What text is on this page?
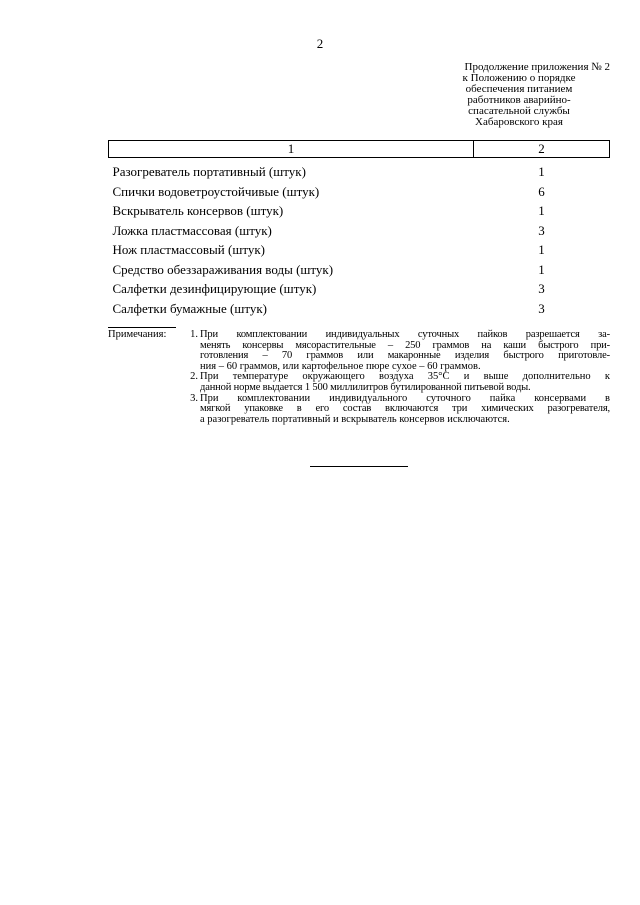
2
Продолжение приложения № 2
к Положению о порядке
обеспечения питанием
работников аварийно-
спасательной службы
Хабаровского края
1	2

Разогреватель портативный (штук)	1
Спички водоветроустойчивые (штук)	6
Вскрыватель консервов (штук)	1
Ложка пластмассовая (штук)	3
Нож пластмассовый (штук)	1
Средство обеззараживания воды (штук)	1
Салфетки дезинфицирующие (штук)	3
Салфетки бумажные (штук)	3
Примечания:	1. При комплектовании индивидуальных суточных пайков разрешается за-
менять консервы мясорастительные – 250 граммов на каши быстрого при-
готовления – 70 граммов или макаронные изделия быстрого приготовле-
ния – 60 граммов, или картофельное пюре сухое – 60 граммов.
2. При температуре окружающего воздуха 35°С и выше дополнительно к
данной норме выдается 1 500 миллилитров бутилированной питьевой воды.
3. При комплектовании индивидуального суточного пайка консервами в
мягкой упаковке в его состав включаются три химических разогревателя,
а разогреватель портативный и вскрыватель консервов исключаются.
